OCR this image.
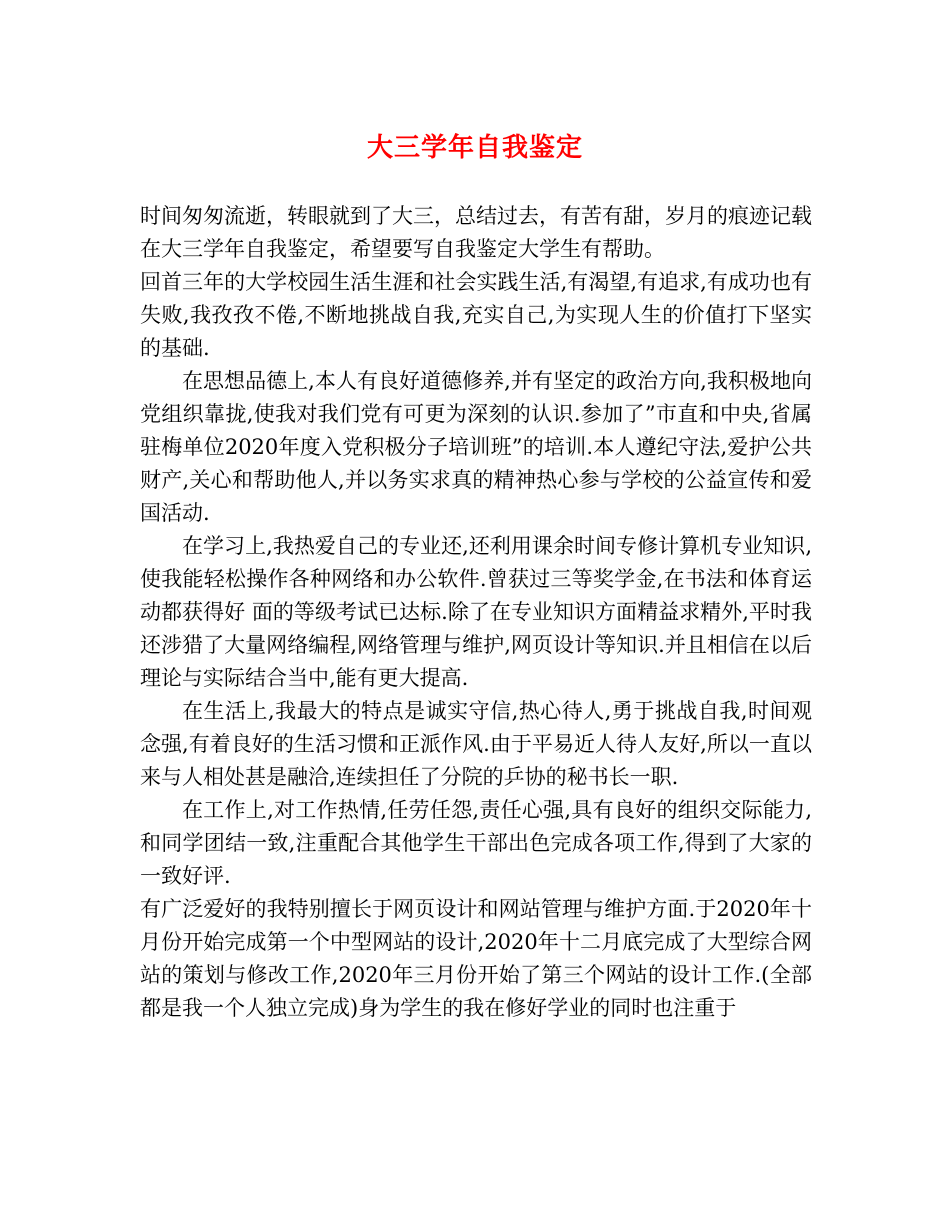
大三学年自我鉴定

时间匆匆流逝，转眼就到了大三，总结过去，有苦有甜，岁月的痕迹记载在大三学年自我鉴定，希望要写自我鉴定大学生有帮助。

回首三年的大学校园生活生涯和社会实践生活,有渴望,有追求,有成功也有失败,我孜孜不倦,不断地挑战自我,充实自己,为实现人生的价值打下坚实的基础.

在思想品德上,本人有良好道德修养,并有坚定的政治方向,我积极地向党组织靠拢,使我对我们党有可更为深刻的认识.参加了”市直和中央,省属驻梅单位2020年度入党积极分子培训班”的培训.本人遵纪守法,爱护公共财产,关心和帮助他人,并以务实求真的精神热心参与学校的公益宣传和爱国活动.

在学习上,我热爱自己的专业还,还利用课余时间专修计算机专业知识,使我能轻松操作各种网络和办公软件.曾获过三等奖学金,在书法和体育运动都获得好 面的等级考试已达标.除了在专业知识方面精益求精外,平时我还涉猎了大量网络编程,网络管理与维护,网页设计等知识.并且相信在以后理论与实际结合当中,能有更大提高.

在生活上,我最大的特点是诚实守信,热心待人,勇于挑战自我,时间观念强,有着良好的生活习惯和正派作风.由于平易近人待人友好,所以一直以来与人相处甚是融洽,连续担任了分院的乒协的秘书长一职.

在工作上,对工作热情,任劳任怨,责任心强,具有良好的组织交际能力,和同学团结一致,注重配合其他学生干部出色完成各项工作,得到了大家的一致好评.

有广泛爱好的我特别擅长于网页设计和网站管理与维护方面.于2020年十月份开始完成第一个中型网站的设计,2020年十二月底完成了大型综合网站的策划与修改工作,2020年三月份开始了第三个网站的设计工作.(全部都是我一个人独立完成)身为学生的我在修好学业的同时也注重于
